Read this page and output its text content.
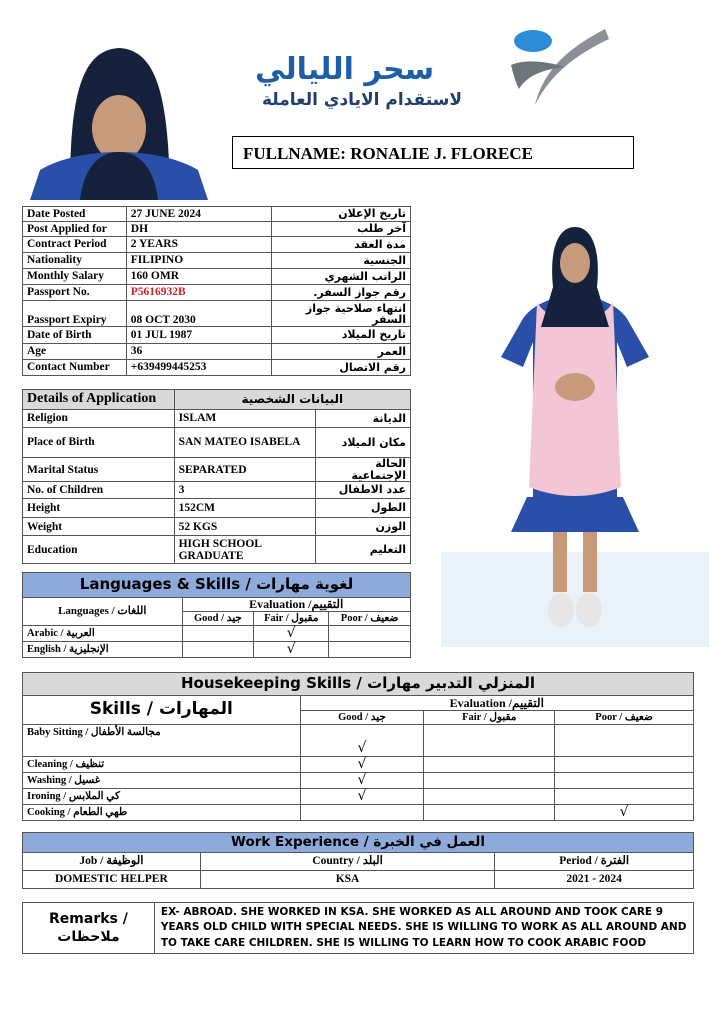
سحر الليالي
لاستقدام الايادي العاملة
FULLNAME: RONALIE J. FLORECE
Date Posted	27 JUNE 2024	تاريخ الإعلان
Post Applied for	DH	آخر طلب
Contract Period	2 YEARS	مدة العقد
Nationality	FILIPINO	الجنسية
Monthly Salary	160 OMR	الراتب الشهري
Passport No.	P5616932B	رقم جواز السفر.
Passport Expiry	08 OCT 2030	انتهاء صلاحية جواز السفر
Date of Birth	01 JUL 1987	تاريخ الميلاد
Age	36	العمر
Contact Number	+639499445253	رقم الاتصال
Details of Application	البيانات الشخصية	
Religion	ISLAM	الديانة
Place of Birth	SAN MATEO ISABELA	مكان الميلاد
Marital Status	SEPARATED	الحالة الإجتماعية
No. of Children	3	عدد الاطفال
Height	152CM	الطول
Weight	52 KGS	الوزن
Education	HIGH SCHOOL GRADUATE	التعليم
Languages & Skills / لغوية مهارات			
Languages / اللغات	Evaluation /التقييم		
	Good / جيد	Fair / مقبول	Poor / ضعيف
Arabic / العربية		√	
English / الإنجليزية		√	
Housekeeping Skills / المنزلي التدبير مهارات			
Skills / المهارات	Evaluation /التقييم		
	Good / جيد	Fair / مقبول	Poor / ضعيف
Baby Sitting / مجالسة الأطفال	√		
Cleaning / تنظيف	√		
Washing / غسيل	√		
Ironing / كي الملابس	√		
Cooking / طهي الطعام			√
Work Experience / العمل في الخبرة		
Job / الوظيفة	Country / البلد	Period / الفترة
DOMESTIC HELPER	KSA	2021 - 2024
Remarks / ملاحظات	EX- ABROAD. SHE WORKED IN KSA. SHE WORKED AS ALL AROUND AND TOOK CARE 9 YEARS OLD CHILD WITH SPECIAL NEEDS. SHE IS WILLING TO WORK AS ALL AROUND AND TO TAKE CARE CHILDREN. SHE IS WILLING TO LEARN HOW TO COOK ARABIC FOOD
